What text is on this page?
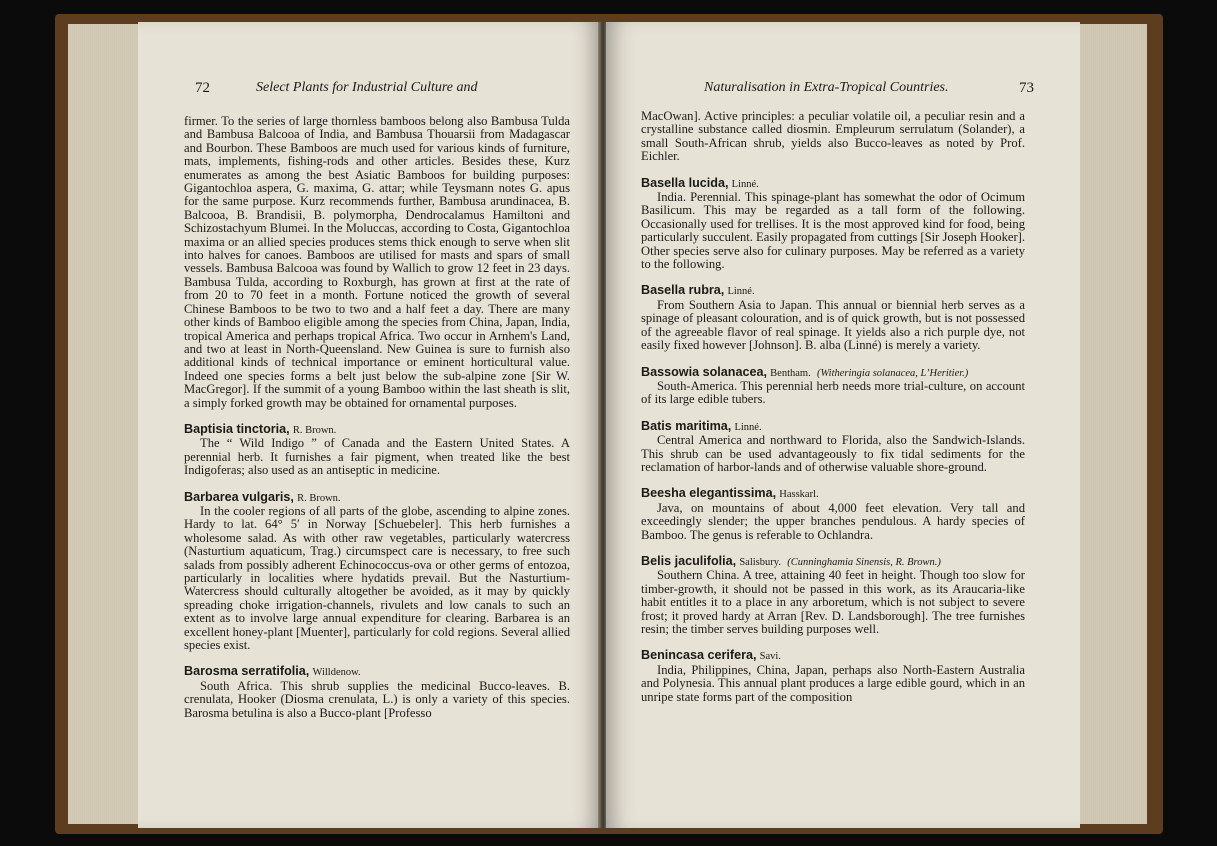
72	Select Plants for Industrial Culture and

firmer. To the series of large thornless bamboos belong also Bambusa Tulda and Bambusa Balcooa of India, and Bambusa Thouarsii from Madagascar and Bourbon. These Bamboos are much used for various kinds of furniture, mats, implements, fishing-rods and other articles. Besides these, Kurz enumerates as among the best Asiatic Bamboos for building purposes: Gigantochloa aspera, G. maxima, G. attar; while Teysmann notes G. apus for the same purpose. Kurz recommends further, Bambusa arundinacea, B. Balcooa, B. Brandisii, B. polymorpha, Dendrocalamus Hamiltoni and Schizostachyum Blumei. In the Moluccas, according to Costa, Gigantochloa maxima or an allied species produces stems thick enough to serve when slit into halves for canoes. Bamboos are utilised for masts and spars of small vessels. Bambusa Balcooa was found by Wallich to grow 12 feet in 23 days. Bambusa Tulda, according to Roxburgh, has grown at first at the rate of from 20 to 70 feet in a month. Fortune noticed the growth of several Chinese Bamboos to be two to two and a half feet a day. There are many other kinds of Bamboo eligible among the species from China, Japan, India, tropical America and perhaps tropical Africa. Two occur in Arnhem's Land, and two at least in North-Queensland. New Guinea is sure to furnish also additional kinds of technical importance or eminent horticultural value. Indeed one species forms a belt just below the sub-alpine zone [Sir W. MacGregor]. If the summit of a young Bamboo within the last sheath is slit, a simply forked growth may be obtained for ornamental purposes.

Baptisia tinctoria, R. Brown.

The “ Wild Indigo ” of Canada and the Eastern United States. A perennial herb. It furnishes a fair pigment, when treated like the best Indigoferas; also used as an antiseptic in medicine.

Barbarea vulgaris, R. Brown.

In the cooler regions of all parts of the globe, ascending to alpine zones. Hardy to lat. 64° 5′ in Norway [Schuebeler]. This herb furnishes a wholesome salad. As with other raw vegetables, particularly watercress (Nasturtium aquaticum, Trag.) circumspect care is necessary, to free such salads from possibly adherent Echinococcus-ova or other germs of entozoa, particularly in localities where hydatids prevail. But the Nasturtium-Watercress should culturally altogether be avoided, as it may by quickly spreading choke irrigation-channels, rivulets and low canals to such an extent as to involve large annual expenditure for clearing. Barbarea is an excellent honey-plant [Muenter], particularly for cold regions. Several allied species exist.

Barosma serratifolia, Willdenow.

South Africa. This shrub supplies the medicinal Bucco-leaves. B. crenulata, Hooker (Diosma crenulata, L.) is only a variety of this species. Barosma betulina is also a Bucco-plant [Professo

Naturalisation in Extra-Tropical Countries.	73

MacOwan]. Active principles: a peculiar volatile oil, a peculiar resin and a crystalline substance called diosmin. Empleurum serrulatum (Solander), a small South-African shrub, yields also Bucco-leaves as noted by Prof. Eichler.

Basella lucida, Linné.

India. Perennial. This spinage-plant has somewhat the odor of Ocimum Basilicum. This may be regarded as a tall form of the following. Occasionally used for trellises. It is the most approved kind for food, being particularly succulent. Easily propagated from cuttings [Sir Joseph Hooker]. Other species serve also for culinary purposes. May be referred as a variety to the following.

Basella rubra, Linné.

From Southern Asia to Japan. This annual or biennial herb serves as a spinage of pleasant colouration, and is of quick growth, but is not possessed of the agreeable flavor of real spinage. It yields also a rich purple dye, not easily fixed however [Johnson]. B. alba (Linné) is merely a variety.

Bassowia solanacea, Bentham. (Witheringia solanacea, L’Heritier.)

South-America. This perennial herb needs more trial-culture, on account of its large edible tubers.

Batis maritima, Linné.

Central America and northward to Florida, also the Sandwich-Islands. This shrub can be used advantageously to fix tidal sediments for the reclamation of harbor-lands and of otherwise valuable shore-ground.

Beesha elegantissima, Hasskarl.

Java, on mountains of about 4,000 feet elevation. Very tall and exceedingly slender; the upper branches pendulous. A hardy species of Bamboo. The genus is referable to Ochlandra.

Belis jaculifolia, Salisbury. (Cunninghamia Sinensis, R. Brown.)

Southern China. A tree, attaining 40 feet in height. Though too slow for timber-growth, it should not be passed in this work, as its Araucaria-like habit entitles it to a place in any arboretum, which is not subject to severe frost; it proved hardy at Arran [Rev. D. Landsborough]. The tree furnishes resin; the timber serves building purposes well.

Benincasa cerifera, Savi.

India, Philippines, China, Japan, perhaps also North-Eastern Australia and Polynesia. This annual plant produces a large edible gourd, which in an unripe state forms part of the composition
